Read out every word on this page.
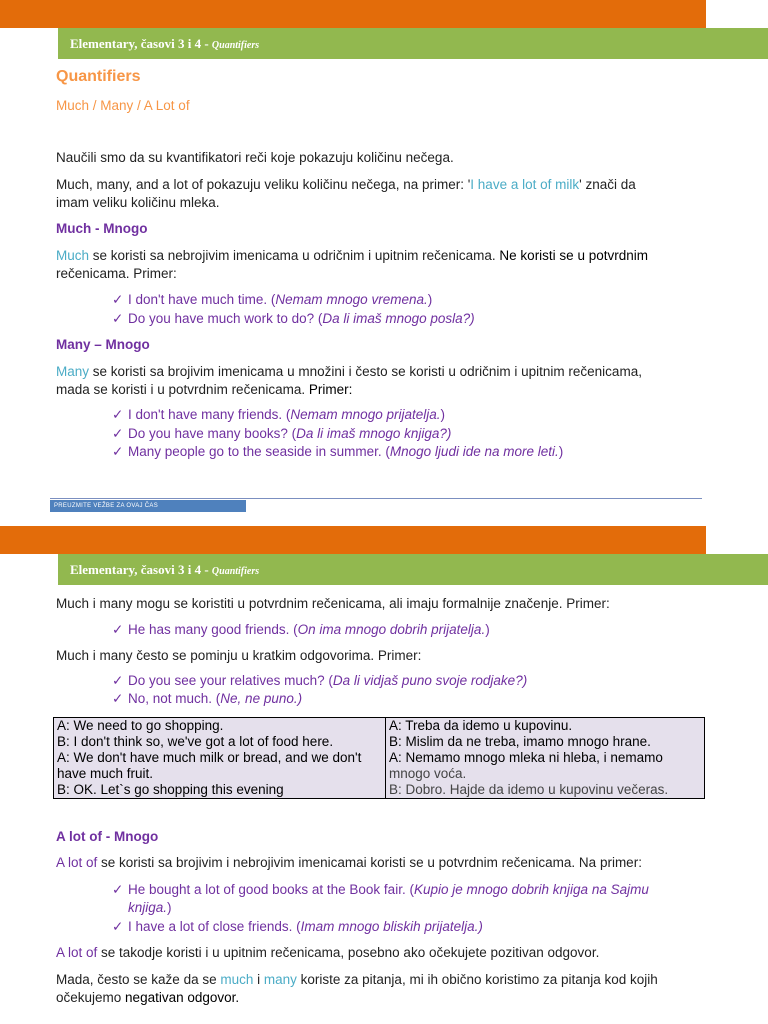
Elementary, časovi 3 i 4 - Quantifiers
Quantifiers
Much / Many / A Lot of
Naučili smo da su kvantifikatori reči koje pokazuju količinu nečega.
Much, many, and a lot of pokazuju veliku količinu nečega, na primer: 'I have a lot of milk' znači da
imam veliku količinu mleka.
Much - Mnogo
Much se koristi sa nebrojivim imenicama u odričnim i upitnim rečenicama. Ne koristi se u potvrdnim
rečenicama. Primer:
✓ I don't have much time. (Nemam mnogo vremena.)
✓ Do you have much work to do? (Da li imaš mnogo posla?)
Many – Mnogo
Many se koristi sa brojivim imenicama u množini i često se koristi u odričnim i upitnim rečenicama,
mada se koristi i u potvrdnim rečenicama. Primer:
✓ I don't have many friends. (Nemam mnogo prijatelja.)
✓ Do you have many books? (Da li imaš mnogo knjiga?)
✓ Many people go to the seaside in summer. (Mnogo ljudi ide na more leti.)
PREUZMITE VEŽBE ZA OVAJ ČAS
Elementary, časovi 3 i 4 - Quantifiers
Much i many mogu se koristiti u potvrdnim rečenicama, ali imaju formalnije značenje. Primer:
✓ He has many good friends. (On ima mnogo dobrih prijatelja.)
Much i many često se pominju u kratkim odgovorima. Primer:
✓ Do you see your relatives much? (Da li vidjaš puno svoje rodjake?)
✓ No, not much. (Ne, ne puno.)
A: We need to go shopping.
B: I don't think so, we've got a lot of food here.
A: We don't have much milk or bread, and we don't
have much fruit.
B: OK. Let`s go shopping this evening

A: Treba da idemo u kupovinu.
B: Mislim da ne treba, imamo mnogo hrane.
A: Nemamo mnogo mleka ni hleba, i nemamo
mnogo voća.
B: Dobro. Hajde da idemo u kupovinu večeras.
A lot of - Mnogo
A lot of se koristi sa brojivim i nebrojivim imenicamai koristi se u potvrdnim rečenicama. Na primer:
✓ He bought a lot of good books at the Book fair. (Kupio je mnogo dobrih knjiga na Sajmu
knjiga.)
✓ I have a lot of close friends. (Imam mnogo bliskih prijatelja.)
A lot of se takodje koristi i u upitnim rečenicama, posebno ako očekujete pozitivan odgovor.
Mada, često se kaže da se much i many koriste za pitanja, mi ih obično koristimo za pitanja kod kojih
očekujemo negativan odgovor.
